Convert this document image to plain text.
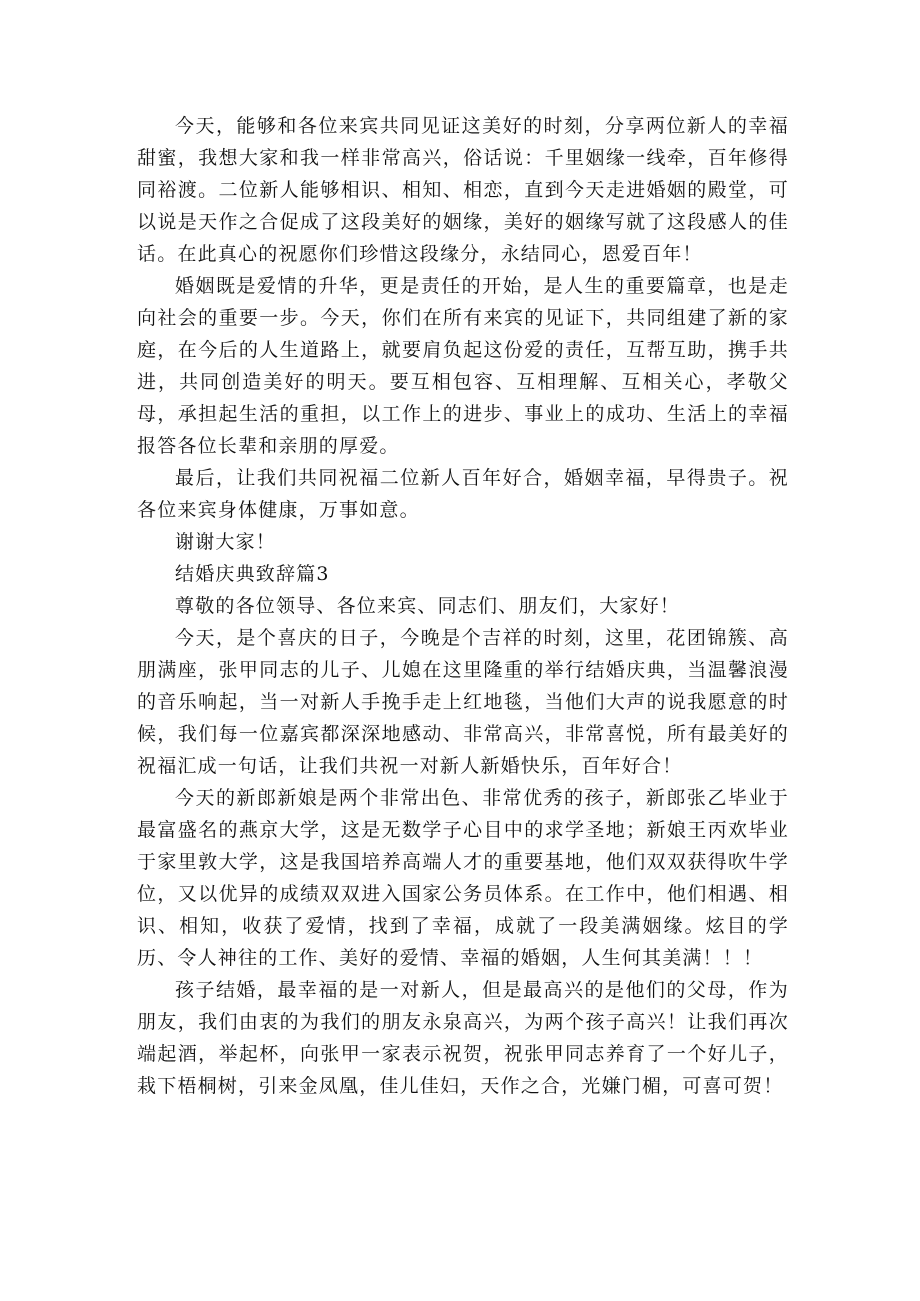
今天，能够和各位来宾共同见证这美好的时刻，分享两位新人的幸福甜蜜，我想大家和我一样非常高兴，俗话说：千里姻缘一线牵，百年修得同裕渡。二位新人能够相识、相知、相恋，直到今天走进婚姻的殿堂，可以说是天作之合促成了这段美好的姻缘，美好的姻缘写就了这段感人的佳话。在此真心的祝愿你们珍惜这段缘分，永结同心，恩爱百年！

婚姻既是爱情的升华，更是责任的开始，是人生的重要篇章，也是走向社会的重要一步。今天，你们在所有来宾的见证下，共同组建了新的家庭，在今后的人生道路上，就要肩负起这份爱的责任，互帮互助，携手共进，共同创造美好的明天。要互相包容、互相理解、互相关心，孝敬父母，承担起生活的重担，以工作上的进步、事业上的成功、生活上的幸福报答各位长辈和亲朋的厚爱。

最后，让我们共同祝福二位新人百年好合，婚姻幸福，早得贵子。祝各位来宾身体健康，万事如意。

谢谢大家！

结婚庆典致辞篇3

尊敬的各位领导、各位来宾、同志们、朋友们，大家好！

今天，是个喜庆的日子，今晚是个吉祥的时刻，这里，花团锦簇、高朋满座，张甲同志的儿子、儿媳在这里隆重的举行结婚庆典，当温馨浪漫的音乐响起，当一对新人手挽手走上红地毯，当他们大声的说我愿意的时候，我们每一位嘉宾都深深地感动、非常高兴，非常喜悦，所有最美好的祝福汇成一句话，让我们共祝一对新人新婚快乐，百年好合！

今天的新郎新娘是两个非常出色、非常优秀的孩子，新郎张乙毕业于最富盛名的燕京大学，这是无数学子心目中的求学圣地；新娘王丙欢毕业于家里敦大学，这是我国培养高端人才的重要基地，他们双双获得吹牛学位，又以优异的成绩双双进入国家公务员体系。在工作中，他们相遇、相识、相知，收获了爱情，找到了幸福，成就了一段美满姻缘。炫目的学历、令人神往的工作、美好的爱情、幸福的婚姻，人生何其美满！！！

孩子结婚，最幸福的是一对新人，但是最高兴的是他们的父母，作为朋友，我们由衷的为我们的朋友永泉高兴，为两个孩子高兴！让我们再次端起酒，举起杯，向张甲一家表示祝贺，祝张甲同志养育了一个好儿子，栽下梧桐树，引来金凤凰，佳儿佳妇，天作之合，光嫌门楣，可喜可贺！
